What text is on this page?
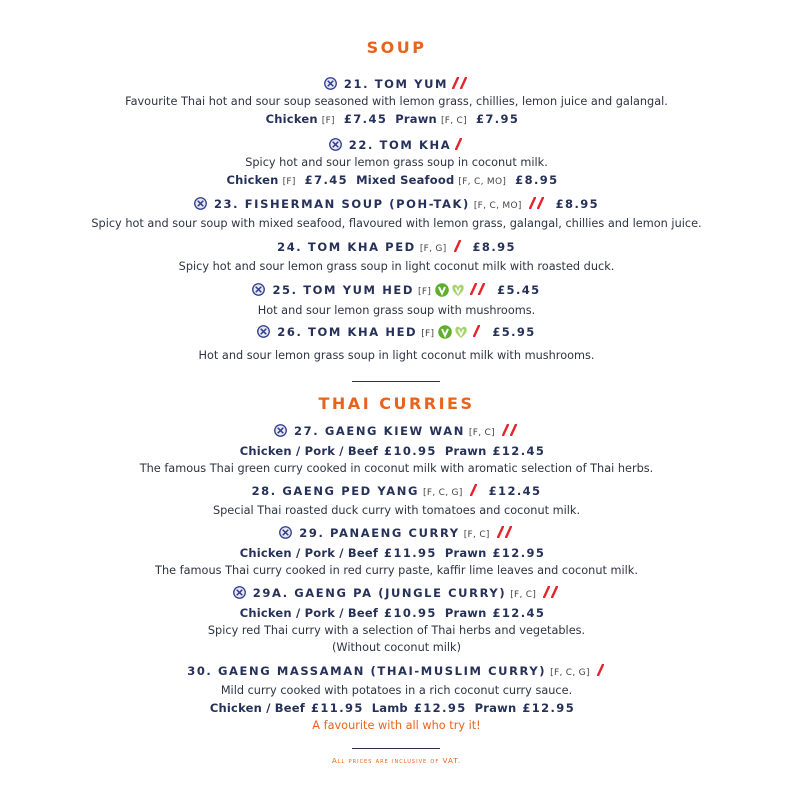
SOUP
21. TOM YUM
Favourite Thai hot and sour soup seasoned with lemon grass, chillies, lemon juice and galangal.
Chicken [F] £7.45 Prawn [F, C] £7.95
22. TOM KHA
Spicy hot and sour lemon grass soup in coconut milk.
Chicken [F] £7.45 Mixed Seafood [F, C, MO] £8.95
23. FISHERMAN SOUP (POH-TAK) [F, C, MO]	£8.95
Spicy hot and sour soup with mixed seafood, flavoured with lemon grass, galangal, chillies and lemon juice.
24. TOM KHA PED [F, G] £8.95
Spicy hot and sour lemon grass soup in light coconut milk with roasted duck.
25. TOM YUM HED [F]	£5.45
Hot and sour lemon grass soup with mushrooms.
26. TOM KHA HED [F]	£5.95
Hot and sour lemon grass soup in light coconut milk with mushrooms.
THAI CURRIES
27. GAENG KIEW WAN [F, C]
Chicken / Pork / Beef £10.95 Prawn £12.45
The famous Thai green curry cooked in coconut milk with aromatic selection of Thai herbs.
28. GAENG PED YANG [F, C, G] £12.45
Special Thai roasted duck curry with tomatoes and coconut milk.
29. PANAENG CURRY [F, C]
Chicken / Pork / Beef £11.95 Prawn £12.95
The famous Thai curry cooked in red curry paste, kaffir lime leaves and coconut milk.
29A. GAENG PA (JUNGLE CURRY) [F, C]
Chicken / Pork / Beef £10.95 Prawn £12.45
Spicy red Thai curry with a selection of Thai herbs and vegetables.
(Without coconut milk)
30. GAENG MASSAMAN (THAI-MUSLIM CURRY) [F, C, G]
Mild curry cooked with potatoes in a rich coconut curry sauce.
Chicken / Beef £11.95 Lamb £12.95 Prawn £12.95
A favourite with all who try it!
All prices are inclusive of VAT.
